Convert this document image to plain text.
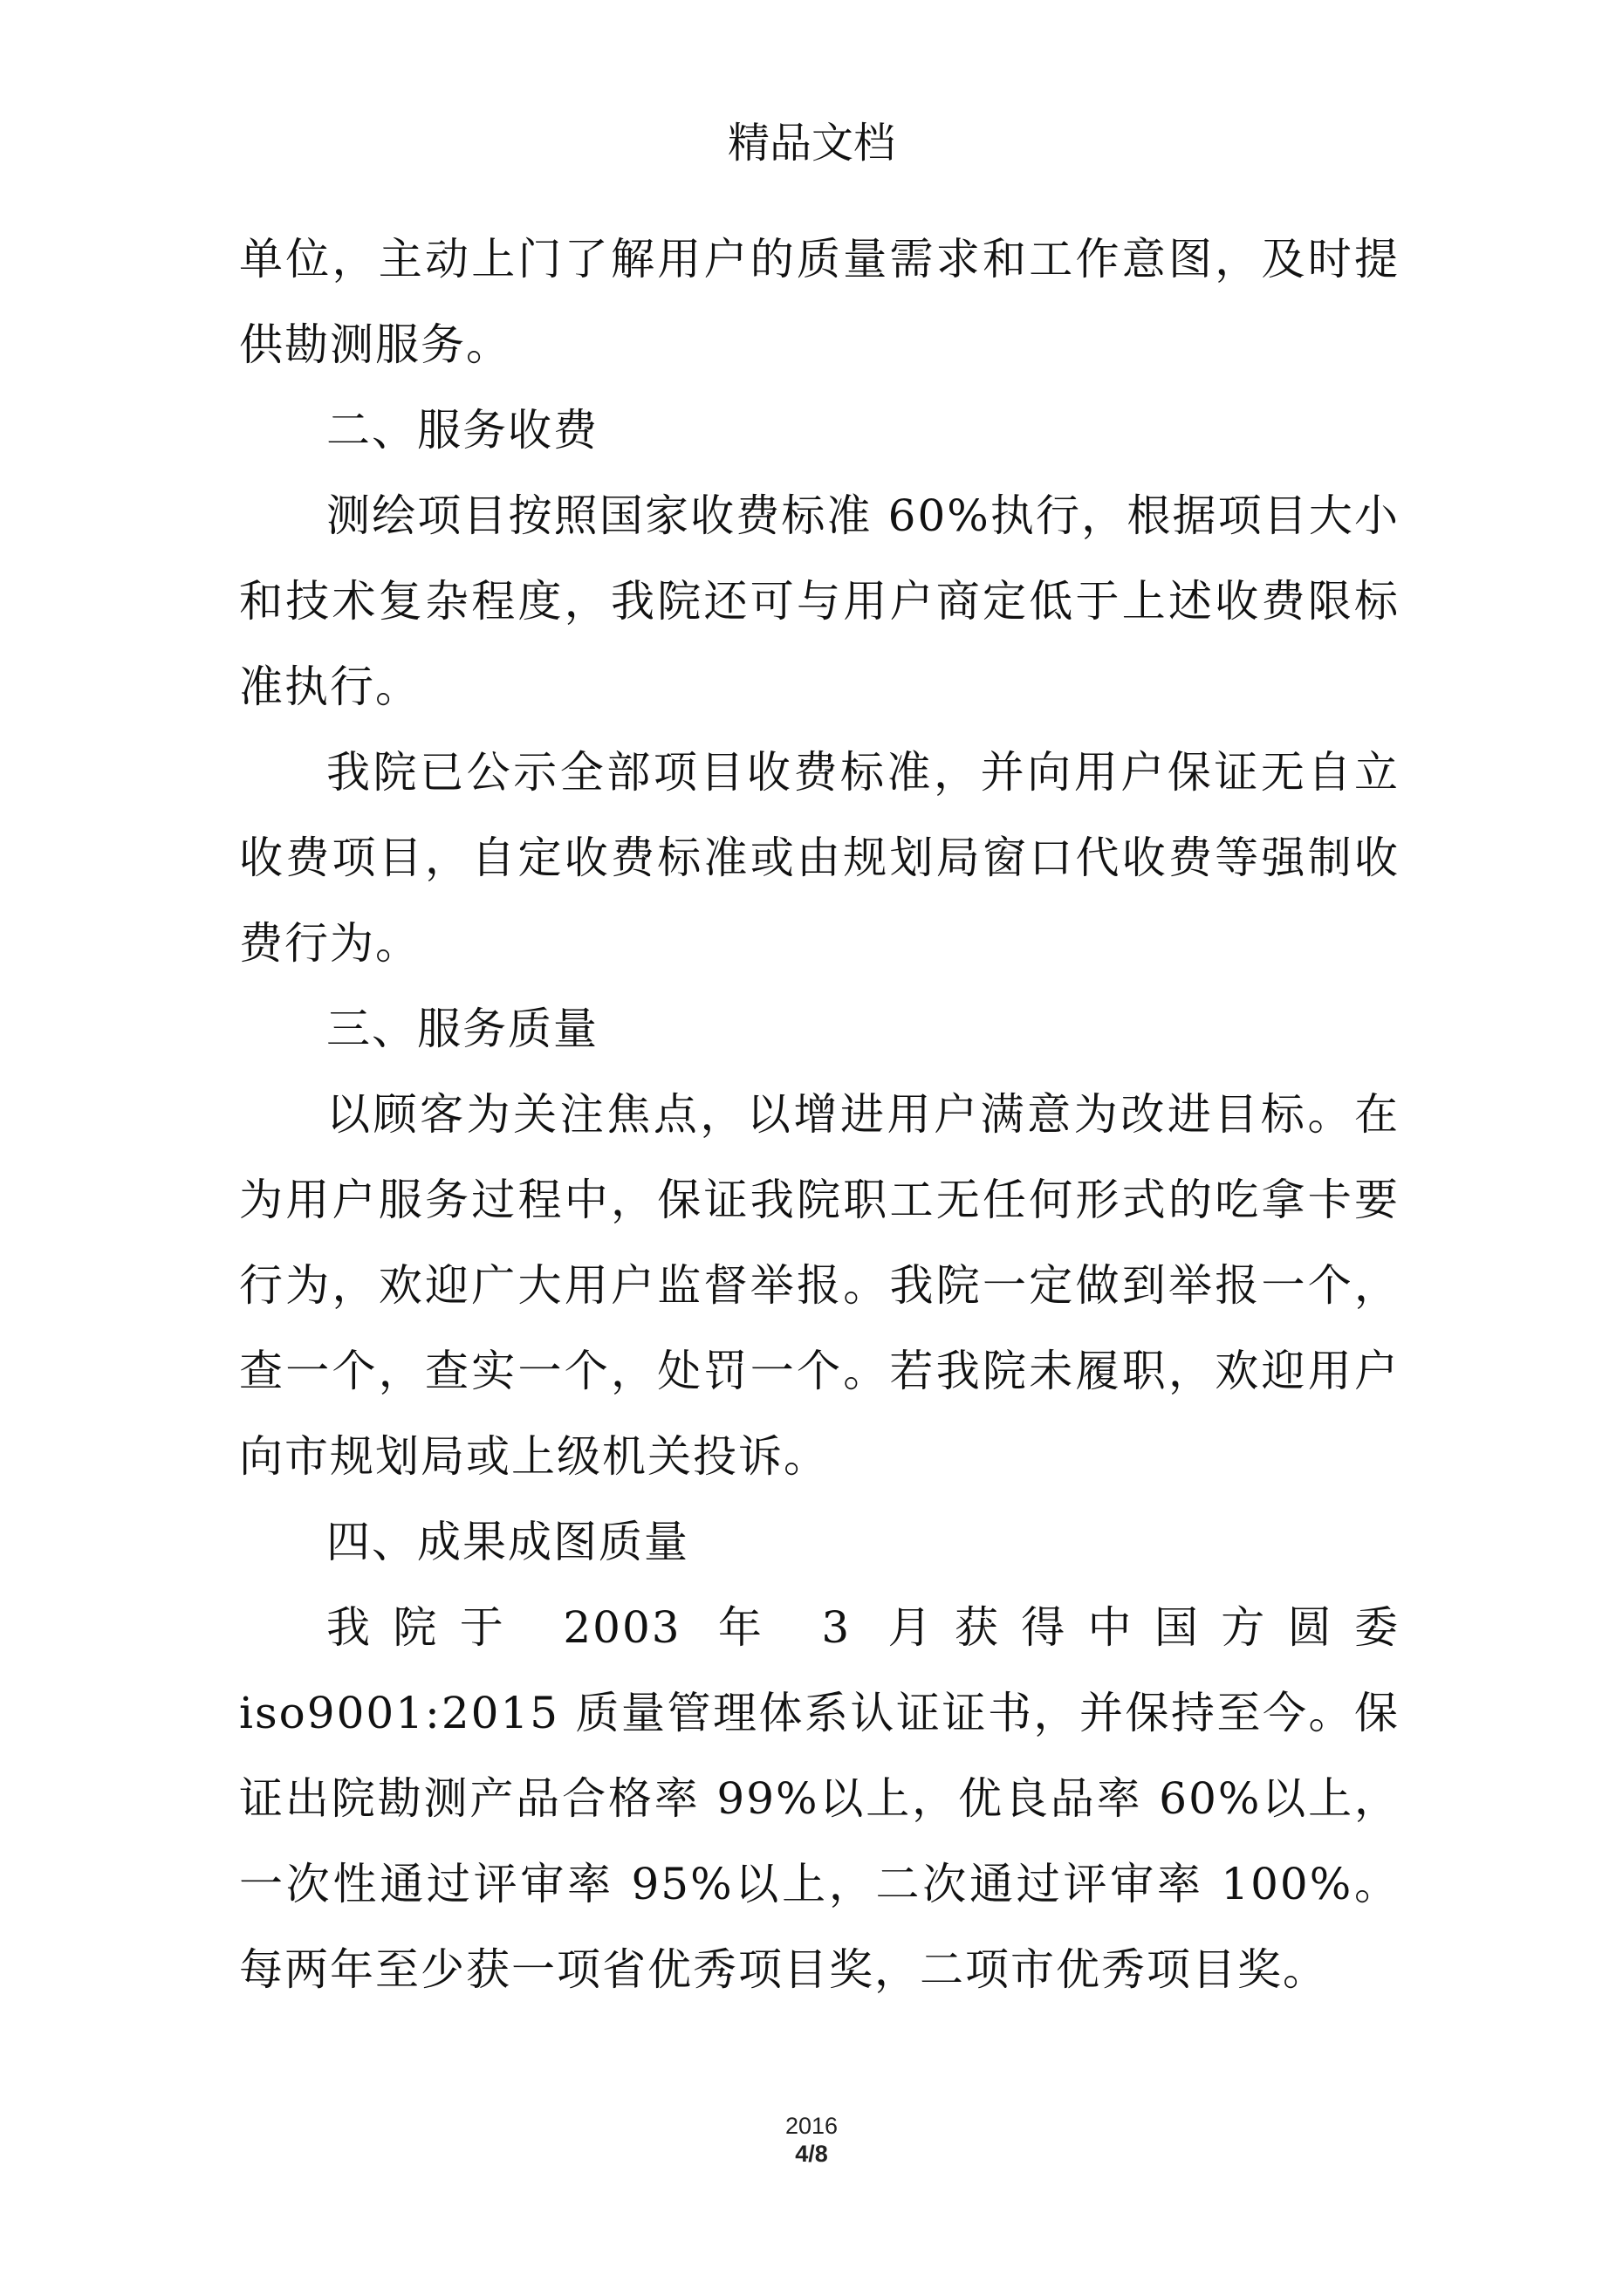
精品文档

单位，主动上门了解用户的质量需求和工作意图，及时提供勘测服务。

二、服务收费

测绘项目按照国家收费标准 60%执行，根据项目大小和技术复杂程度，我院还可与用户商定低于上述收费限标准执行。

我院已公示全部项目收费标准，并向用户保证无自立收费项目，自定收费标准或由规划局窗口代收费等强制收费行为。

三、服务质量

以顾客为关注焦点，以增进用户满意为改进目标。在为用户服务过程中，保证我院职工无任何形式的吃拿卡要行为，欢迎广大用户监督举报。我院一定做到举报一个，查一个，查实一个，处罚一个。若我院未履职，欢迎用户向市规划局或上级机关投诉。

四、成果成图质量

我院于 2003 年 3 月获得中国方圆委 iso9001:2015 质量管理体系认证证书，并保持至今。保证出院勘测产品合格率 99%以上，优良品率 60%以上，一次性通过评审率 95%以上，二次通过评审率 100%。每两年至少获一项省优秀项目奖，二项市优秀项目奖。

2016
4/8
